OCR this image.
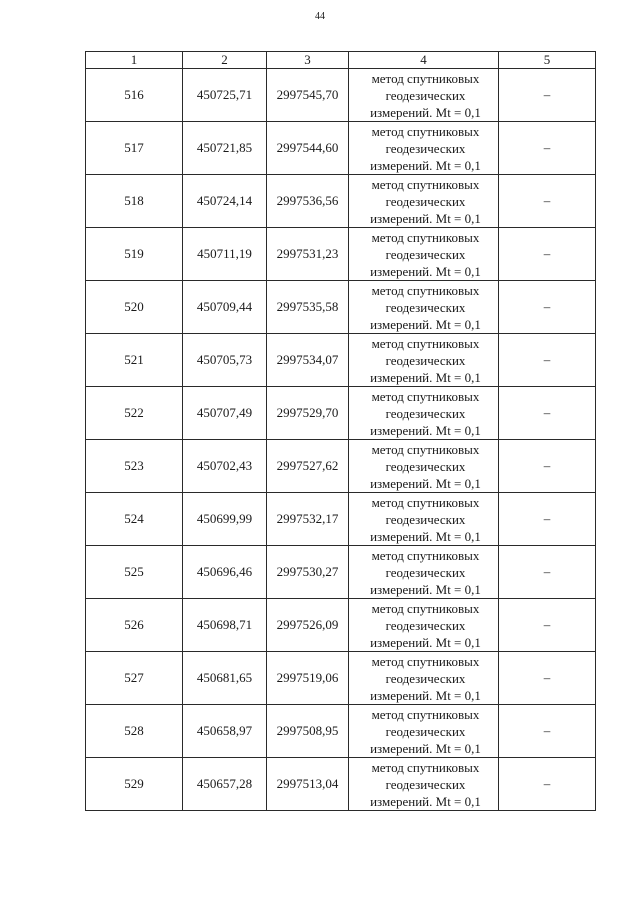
44
1	2	3	4	5
516	450725,71	2997545,70	метод спутниковых
геодезических
измерений. Mt = 0,1	–
517	450721,85	2997544,60	метод спутниковых
геодезических
измерений. Mt = 0,1	–
518	450724,14	2997536,56	метод спутниковых
геодезических
измерений. Mt = 0,1	–
519	450711,19	2997531,23	метод спутниковых
геодезических
измерений. Mt = 0,1	–
520	450709,44	2997535,58	метод спутниковых
геодезических
измерений. Mt = 0,1	–
521	450705,73	2997534,07	метод спутниковых
геодезических
измерений. Mt = 0,1	–
522	450707,49	2997529,70	метод спутниковых
геодезических
измерений. Mt = 0,1	–
523	450702,43	2997527,62	метод спутниковых
геодезических
измерений. Mt = 0,1	–
524	450699,99	2997532,17	метод спутниковых
геодезических
измерений. Mt = 0,1	–
525	450696,46	2997530,27	метод спутниковых
геодезических
измерений. Mt = 0,1	–
526	450698,71	2997526,09	метод спутниковых
геодезических
измерений. Mt = 0,1	–
527	450681,65	2997519,06	метод спутниковых
геодезических
измерений. Mt = 0,1	–
528	450658,97	2997508,95	метод спутниковых
геодезических
измерений. Mt = 0,1	–
529	450657,28	2997513,04	метод спутниковых
геодезических
измерений. Mt = 0,1	–
